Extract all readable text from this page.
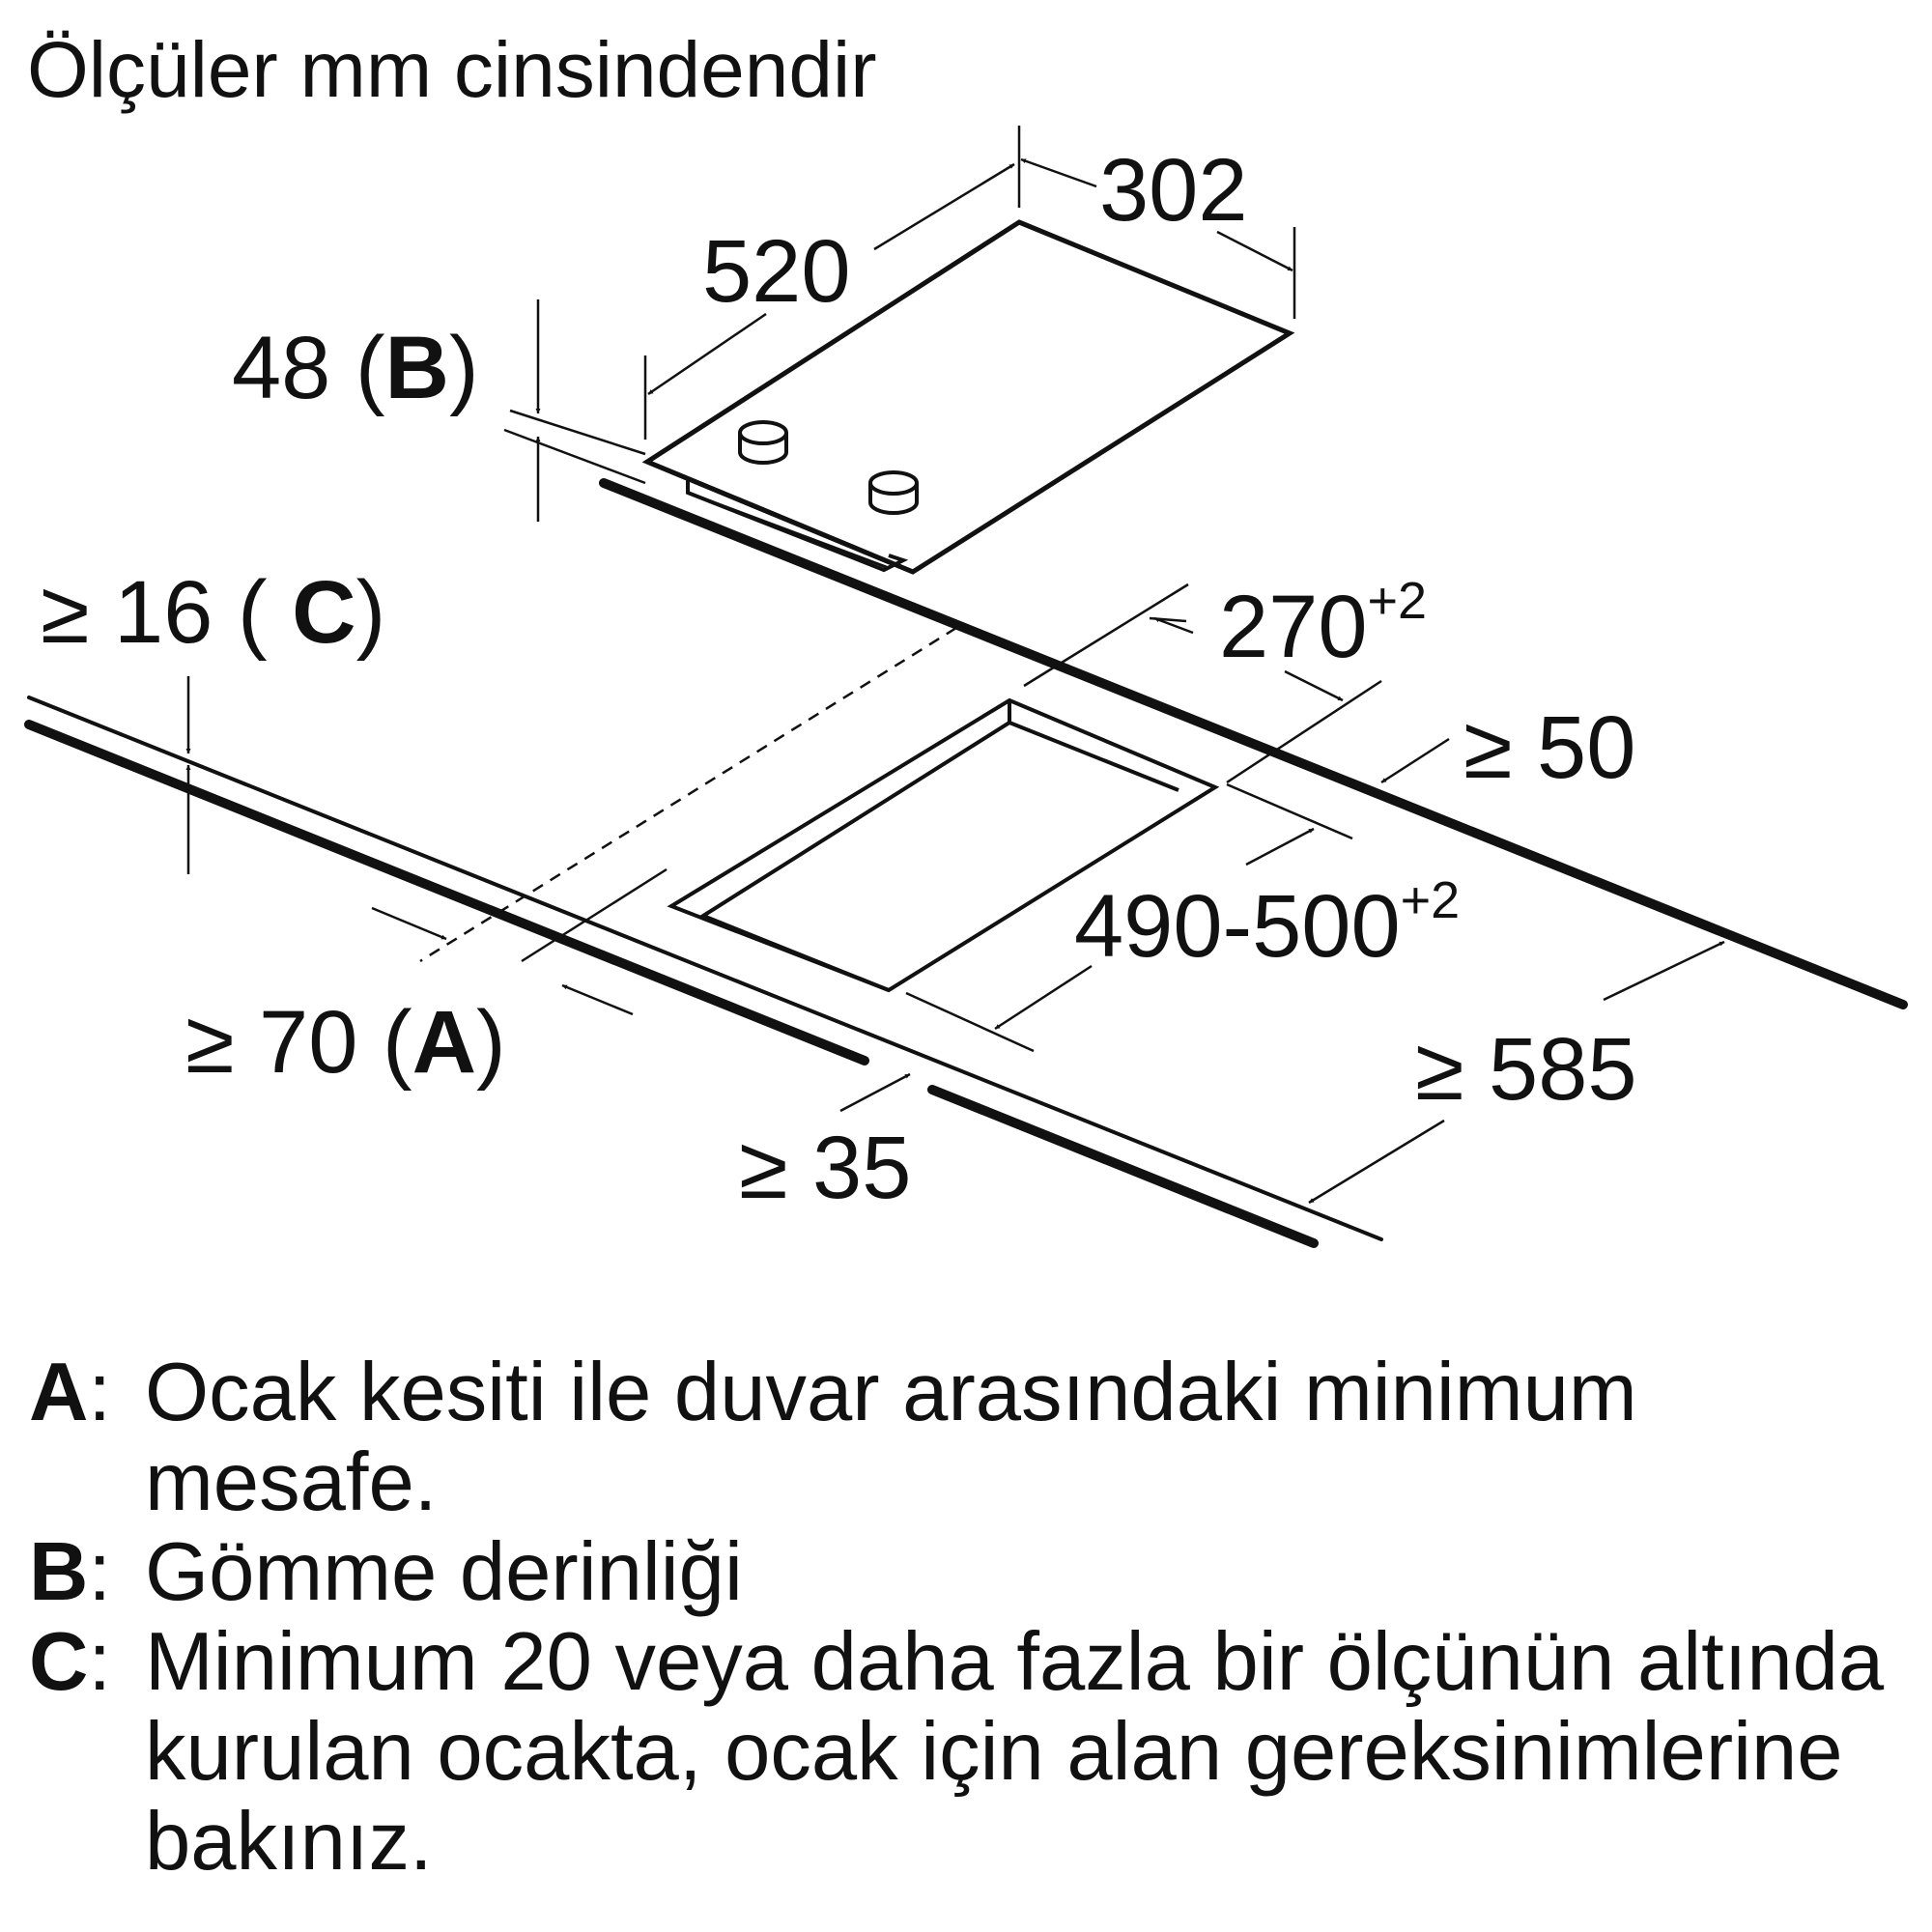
Ölçüler mm cinsindendir
520
302
48 (B)
≥ 16 ( C)	$270^{+2}$
≥ 50
$490-500^{+2}$
≥ 585
≥ 70 (A)
≥ 35
A: Ocak kesiti ile duvar arasındaki minimum mesafe.
B: Gömme derinliği
C: Minimum 20 veya daha fazla bir ölçünün altında kurulan ocakta, ocak için alan gereksinimlerine bakınız.
